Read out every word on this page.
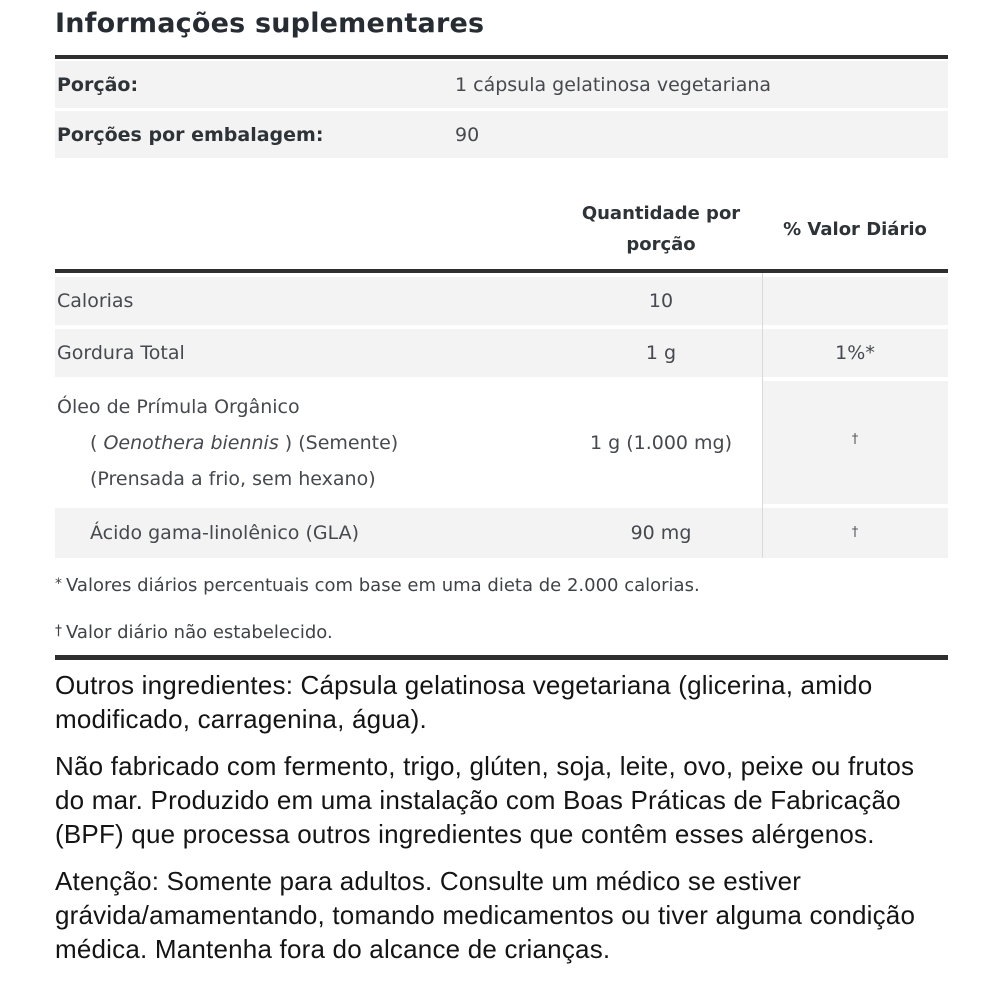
Informações suplementares
Porção:	1 cápsula gelatinosa vegetariana
Porções por embalagem:	90
Quantidade por
porção
% Valor Diário
Calorias	10
Gordura Total	1 g	1%*
Óleo de Prímula Orgânico
( Oenothera biennis ) (Semente)
(Prensada a frio, sem hexano)
1 g (1.000 mg)	†
Ácido gama-linolênico (GLA)	90 mg	†
* Valores diários percentuais com base em uma dieta de 2.000 calorias.
† Valor diário não estabelecido.

Outros ingredientes: Cápsula gelatinosa vegetariana (glicerina, amido modificado, carragenina, água).

Não fabricado com fermento, trigo, glúten, soja, leite, ovo, peixe ou frutos do mar. Produzido em uma instalação com Boas Práticas de Fabricação (BPF) que processa outros ingredientes que contêm esses alérgenos.

Atenção: Somente para adultos. Consulte um médico se estiver grávida/amamentando, tomando medicamentos ou tiver alguma condição médica. Mantenha fora do alcance de crianças.
